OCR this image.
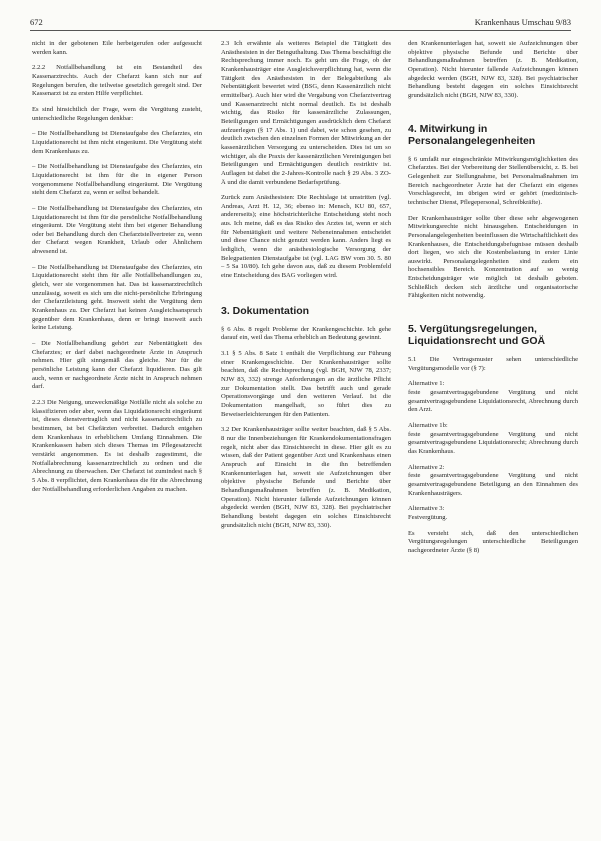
672	Krankenhaus Umschau 9/83

nicht in der gebotenen Eile herbeigerufen oder aufgesucht werden kann.

2.2.2 Notfallbehandlung ist ein Bestandteil des Kassenarztrechts. Auch der Chefarzt kann sich nur auf Regelungen berufen, die teilweise gesetzlich geregelt sind. Der Kassenarzt ist zu ersten Hilfe verpflichtet.

Es sind hinsichtlich der Frage, wem die Vergütung zusteht, unterschiedliche Regelungen denkbar:

– Die Notfallbehandlung ist Dienstaufgabe des Chefarztes, ein Liquidationsrecht ist ihm nicht eingeräumt. Die Vergütung steht dem Krankenhaus zu.

– Die Notfallbehandlung ist Dienstaufgabe des Chefarztes, ein Liquidationsrecht ist ihm für die in eigener Person vorgenommene Notfallbehandlung eingeräumt. Die Vergütung steht dem Chefarzt zu, wenn er selbst behandelt.

– Die Notfallbehandlung ist Dienstaufgabe des Chefarztes, ein Liquidationsrecht ist ihm für die persönliche Notfallbehandlung eingeräumt. Die Vergütung steht ihm bei eigener Behandlung oder bei Behandlung durch den Chefarztstellvertreter zu, wenn der Chefarzt wegen Krankheit, Urlaub oder Ähnlichem abwesend ist.

– Die Notfallbehandlung ist Dienstaufgabe des Chefarztes, ein Liquidationsrecht steht ihm für alle Notfallbehandlungen zu, gleich, wer sie vorgenommen hat. Das ist kassenarztrechtlich unzulässig, soweit es sich um die nicht-persönliche Erbringung der Chefarztleistung geht. Insoweit steht die Vergütung dem Krankenhaus zu. Der Chefarzt hat keinen Ausgleichsanspruch gegenüber dem Krankenhaus, denn er bringt insoweit auch keine Leistung.

– Die Notfallbehandlung gehört zur Nebentätigkeit des Chefarztes; er darf dabei nachgeordnete Ärzte in Anspruch nehmen. Hier gilt sinngemäß das gleiche. Nur für die persönliche Leistung kann der Chefarzt liquidieren. Das gilt auch, wenn er nachgeordnete Ärzte nicht in Anspruch nehmen darf.

2.2.3 Die Neigung, unzweckmäßige Notfälle nicht als solche zu klassifizieren oder aber, wenn das Liquidationsrecht eingeräumt ist, dieses dienstvertraglich und nicht kassenarztrechtlich zu bestimmen, ist bei Chefärzten verbreitet. Dadurch entgehen dem Krankenhaus in erheblichem Umfang Einnahmen. Die Krankenkassen haben sich dieses Themas im Pflegesatzrecht verstärkt angenommen. Es ist deshalb zugestimmt, die Notfallabrechnung kassenarztrechtlich zu ordnen und die Abrechnung zu überwachen. Der Chefarzt ist zumindest nach § 5 Abs. 8 verpflichtet, dem Krankenhaus die für die Abrechnung der Notfallbehandlung erforderlichen Angaben zu machen.

2.3 Ich erwähnte als weiteres Beispiel die Tätigkeit des Anästhesisten in der Beinguthaltung. Das Thema beschäftigt die Rechtsprechung immer noch. Es geht um die Frage, ob der Krankenhausträger eine Ausgleichsverpflichtung hat, wenn die Tätigkeit des Anästhesisten in der Belegabteilung als Nebentätigkeit bewertet wird (BSG, denn Kassenärztlich nicht ermittelbar). Auch hier wird die Vergabung von Chefarztvertrag und Kassenarztrecht nicht normal deutlich. Es ist deshalb wichtig, das Risiko für kassenärztliche Zulassungen, Beteiligungen und Ermächtigungen ausdrücklich dem Chefarzt aufzuerlegen (§ 17 Abs. 1) und dabei, wie schon gesehen, zu deutlich zwischen den einzelnen Formen der Mitwirkung an der kassenärztlichen Versorgung zu unterscheiden. Dies ist um so wichtiger, als die Praxis der kassenärztlichen Vereinigungen bei Beteiligungen und Ermächtigungen deutlich restriktiv ist. Auflagen ist dabei die 2-Jahres-Kontrolle nach § 29 Abs. 3 ZO-Ä und die damit verbundene Bedarfsprüfung.

Zurück zum Anästhesisten: Die Rechtslage ist umstritten (vgl. Andreas, Arzt H. 12, 36; ebenso in: Mensch, KU 80, 657, andererseits); eine höchstrichterliche Entscheidung steht noch aus. Ich meine, daß es das Risiko des Arztes ist, wenn er sich für Nebentätigkeit und weitere Nebeneinnahmen entscheidet und diese Chance nicht genutzt werden kann. Anders liegt es lediglich, wenn die anästhesiologische Versorgung der Belegpatienten Dienstaufgabe ist (vgl. LAG BW vom 30. 5. 80 – 5 Sa 10/80). Ich gehe davon aus, daß zu diesem Problemfeld eine Entscheidung des BAG vorliegen wird.

3. Dokumentation

§ 6 Abs. 8 regelt Probleme der Krankengeschichte. Ich gehe darauf ein, weil das Thema erheblich an Bedeutung gewinnt.

3.1 § 5 Abs. 8 Satz 1 enthält die Verpflichtung zur Führung einer Krankengeschichte. Der Krankenhausträger sollte beachten, daß die Rechtsprechung (vgl. BGH, NJW 78, 2337; NJW 83, 332) strenge Anforderungen an die ärztliche Pflicht zur Dokumentation stellt. Das betrifft auch und gerade Operationsvorgänge und den weiteren Verlauf. Ist die Dokumentation mangelhaft, so führt dies zu Beweiserleichterungen für den Patienten.

3.2 Der Krankenhausträger sollte weiter beachten, daß § 5 Abs. 8 nur die Innenbeziehungen für Krankendokumentationsfragen regelt, nicht aber das Einsichtsrecht in diese. Hier gilt es zu wissen, daß der Patient gegenüber Arzt und Krankenhaus einen Anspruch auf Einsicht in die ihn betreffenden Krankenunterlagen hat, soweit sie Aufzeichnungen über objektive physische Befunde und Berichte über Behandlungsmaßnahmen betreffen (z. B. Medikation, Operation). Nicht hierunter fallende Aufzeichnungen können abgedeckt werden (BGH, NJW 83, 328). Bei psychiatrischer Behandlung besteht dagegen ein solches Einsichtsrecht grundsätzlich nicht (BGH, NJW 83, 330).

den Krankenunterlagen hat, soweit sie Aufzeichnungen über objektive physische Befunde und Berichte über Behandlungsmaßnahmen betreffen (z. B. Medikation, Operation). Nicht hierunter fallende Aufzeichnungen können abgedeckt werden (BGH, NJW 83, 328). Bei psychiatrischer Behandlung besteht dagegen ein solches Einsichtsrecht grundsätzlich nicht (BGH, NJW 83, 330).

4. Mitwirkung in Personalangelegenheiten

§ 6 umfaßt nur eingeschränkte Mitwirkungsmöglichkeiten des Chefarztes. Bei der Vorbereitung der Stellenübersicht, z. B. bei Gelegenheit zur Stellungnahme, bei Personalmaßnahmen im Bereich nachgeordneter Ärzte hat der Chefarzt ein eigenes Vorschlagsrecht, im übrigen wird er gehört (medizinisch-technischer Dienst, Pflegepersonal, Schreibkräfte).

Der Krankenhausträger sollte über diese sehr abgewogenen Mitwirkungsrechte nicht hinausgehen. Entscheidungen in Personalangelegenheiten beeinflussen die Wirtschaftlichkeit des Krankenhauses, die Entscheidungsbefugnisse müssen deshalb dort liegen, wo sich die Kostenbelastung in erster Linie auswirkt. Personalangelegenheiten sind zudem ein hochsensibles Bereich. Konzentration auf so wenig Entscheidungsträger wie möglich ist deshalb geboten. Schließlich decken sich ärztliche und organisatorische Fähigkeiten nicht notwendig.

5. Vergütungsregelungen, Liquidationsrecht und GOÄ

5.1 Die Vertragsmuster sehen unterschiedliche Vergütungsmodelle vor (§ 7):

Alternative 1:

feste gesamtvertragsgebundene Vergütung und nicht gesamtvertragsgebundene Liquidationsrecht, Abrechnung durch den Arzt.

Alternative 1b:

feste gesamtvertragsgebundene Vergütung und nicht gesamtvertragsgebundene Liquidationsrecht; Abrechnung durch das Krankenhaus.

Alternative 2:

feste gesamtvertragsgebundene Vergütung und nicht gesamtvertragsgebundene Beteiligung an den Einnahmen des Krankenhausträgers.

Alternative 3:

Festvergütung.

Es versteht sich, daß den unterschiedlichen Vergütungsregelungen unterschiedliche Beteiligungen nachgeordneter Ärzte (§ 8)
